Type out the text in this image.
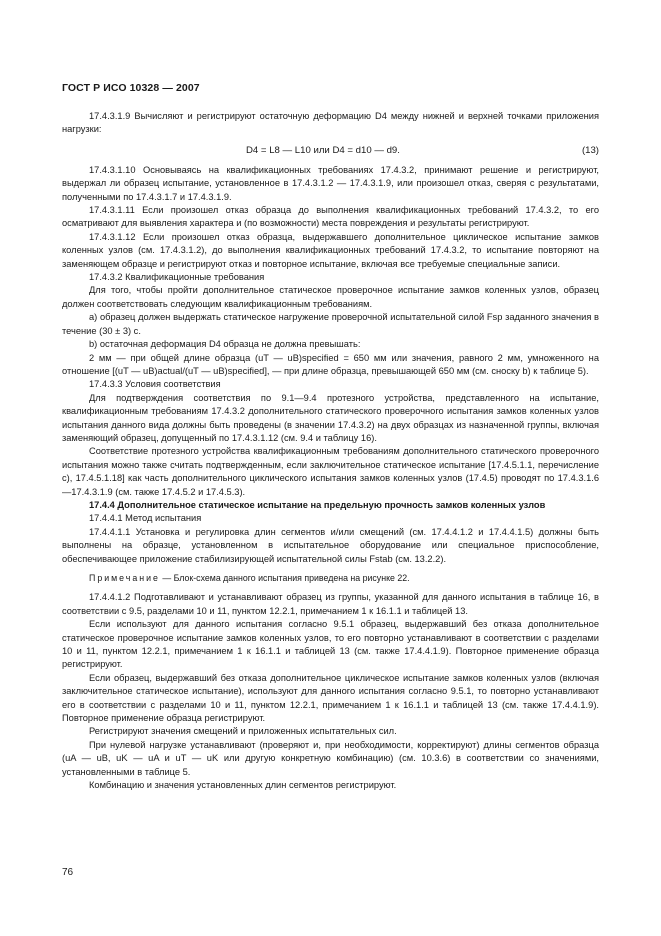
ГОСТ Р ИСО 10328 — 2007

17.4.3.1.9 Вычисляют и регистрируют остаточную деформацию D4 между нижней и верхней точками приложения нагрузки:

D4 = L8 — L10 или D4 = d10 — d9.	(13)

17.4.3.1.10 Основываясь на квалификационных требованиях 17.4.3.2, принимают решение и регистрируют, выдержал ли образец испытание, установленное в 17.4.3.1.2 — 17.4.3.1.9, или произошел отказ, сверяя с результатами, полученными по 17.4.3.1.7 и 17.4.3.1.9.

17.4.3.1.11 Если произошел отказ образца до выполнения квалификационных требований 17.4.3.2, то его осматривают для выявления характера и (по возможности) места повреждения и результаты регистрируют.

17.4.3.1.12 Если произошел отказ образца, выдержавшего дополнительное циклическое испытание замков коленных узлов (см. 17.4.3.1.2), до выполнения квалификационных требований 17.4.3.2, то испытание повторяют на заменяющем образце и регистрируют отказ и повторное испытание, включая все требуемые специальные записи.

17.4.3.2 Квалификационные требования

Для того, чтобы пройти дополнительное статическое проверочное испытание замков коленных узлов, образец должен соответствовать следующим квалификационным требованиям.

а) образец должен выдержать статическое нагружение проверочной испытательной силой Fsp заданного значения в течение (30 ± 3) с.

b) остаточная деформация D4 образца не должна превышать:

2 мм — при общей длине образца (uT — uB)specified = 650 мм или значения, равного 2 мм, умноженного на отношение [(uT — uB)actual/(uT — uB)specified], — при длине образца, превышающей 650 мм (см. сноску b) к таблице 5).

17.4.3.3 Условия соответствия

Для подтверждения соответствия по 9.1—9.4 протезного устройства, представленного на испытание, квалификационным требованиям 17.4.3.2 дополнительного статического проверочного испытания замков коленных узлов испытания данного вида должны быть проведены (в значении 17.4.3.2) на двух образцах из назначенной группы, включая заменяющий образец, допущенный по 17.4.3.1.12 (см. 9.4 и таблицу 16).

Соответствие протезного устройства квалификационным требованиям дополнительного статического проверочного испытания можно также считать подтвержденным, если заключительное статическое испытание [17.4.5.1.1, перечисление с), 17.4.5.1.18] как часть дополнительного циклического испытания замков коленных узлов (17.4.5) проводят по 17.4.3.1.6—17.4.3.1.9 (см. также 17.4.5.2 и 17.4.5.3).

17.4.4 Дополнительное статическое испытание на предельную прочность замков коленных узлов

17.4.4.1 Метод испытания

17.4.4.1.1 Установка и регулировка длин сегментов и/или смещений (см. 17.4.4.1.2 и 17.4.4.1.5) должны быть выполнены на образце, установленном в испытательное оборудование или специальное приспособление, обеспечивающее приложение стабилизирующей испытательной силы Fstab (см. 13.2.2).

Примечание — Блок-схема данного испытания приведена на рисунке 22.

17.4.4.1.2 Подготавливают и устанавливают образец из группы, указанной для данного испытания в таблице 16, в соответствии с 9.5, разделами 10 и 11, пунктом 12.2.1, примечанием 1 к 16.1.1 и таблицей 13.

Если используют для данного испытания согласно 9.5.1 образец, выдержавший без отказа дополнительное статическое проверочное испытание замков коленных узлов, то его повторно устанавливают в соответствии с разделами 10 и 11, пунктом 12.2.1, примечанием 1 к 16.1.1 и таблицей 13 (см. также 17.4.4.1.9). Повторное применение образца регистрируют.

Если образец, выдержавший без отказа дополнительное циклическое испытание замков коленных узлов (включая заключительное статическое испытание), используют для данного испытания согласно 9.5.1, то повторно устанавливают его в соответствии с разделами 10 и 11, пунктом 12.2.1, примечанием 1 к 16.1.1 и таблицей 13 (см. также 17.4.4.1.9). Повторное применение образца регистрируют.

Регистрируют значения смещений и приложенных испытательных сил.

При нулевой нагрузке устанавливают (проверяют и, при необходимости, корректируют) длины сегментов образца (uA — uB, uK — uA и uT — uK или другую конкретную комбинацию) (см. 10.3.6) в соответствии со значениями, установленными в таблице 5.

Комбинацию и значения установленных длин сегментов регистрируют.

76
